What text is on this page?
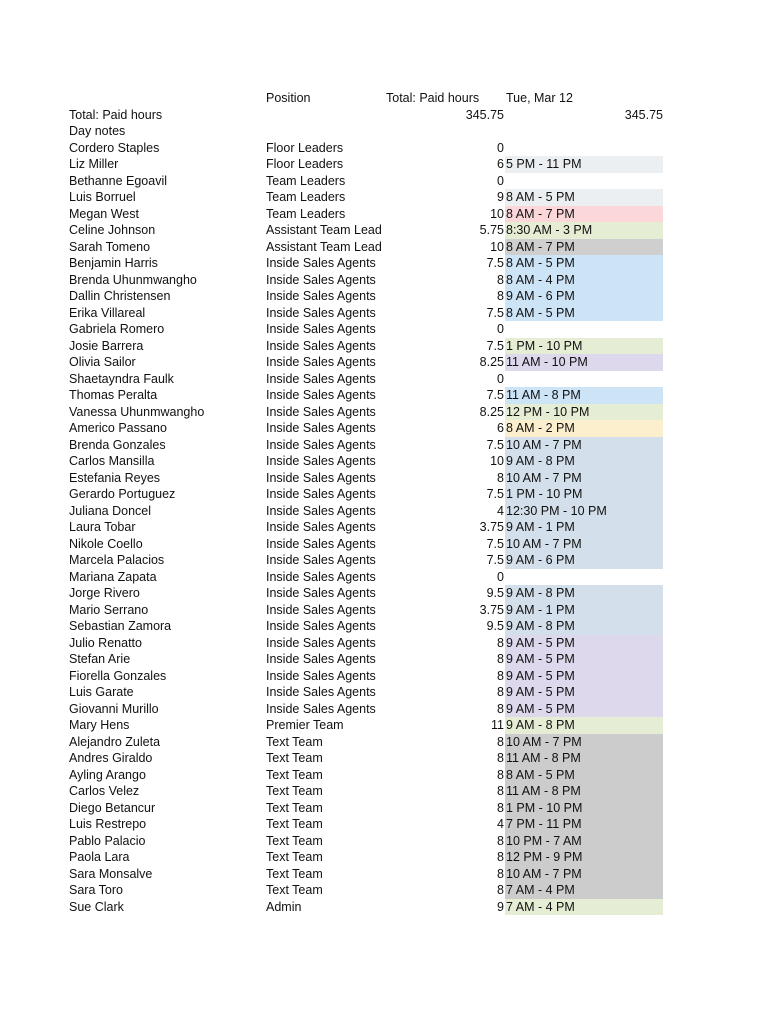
Position	Total: Paid hours Tue, Mar 12
Total: Paid hours	345.75	345.75
Day notes
Cordero Staples	Floor Leaders	0
Liz Miller	Floor Leaders	6 5 PM - 11 PM
Bethanne Egoavil	Team Leaders	0
Luis Borruel	Team Leaders	9 8 AM - 5 PM
Megan West	Team Leaders	10 8 AM - 7 PM
Celine Johnson	Assistant Team Lead	5.75 8:30 AM - 3 PM
Sarah Tomeno	Assistant Team Lead	10 8 AM - 7 PM
Benjamin Harris	Inside Sales Agents	7.5 8 AM - 5 PM
Brenda Uhunmwangho	Inside Sales Agents	8 8 AM - 4 PM
Dallin Christensen	Inside Sales Agents	8 9 AM - 6 PM
Erika Villareal	Inside Sales Agents	7.5 8 AM - 5 PM
Gabriela Romero	Inside Sales Agents	0
Josie Barrera	Inside Sales Agents	7.5 1 PM - 10 PM
Olivia Sailor	Inside Sales Agents	8.25 11 AM - 10 PM
Shaetayndra Faulk	Inside Sales Agents	0
Thomas Peralta	Inside Sales Agents	7.5 11 AM - 8 PM
Vanessa Uhunmwangho	Inside Sales Agents	8.25 12 PM - 10 PM
Americo Passano	Inside Sales Agents	6 8 AM - 2 PM
Brenda Gonzales	Inside Sales Agents	7.5 10 AM - 7 PM
Carlos Mansilla	Inside Sales Agents	10 9 AM - 8 PM
Estefania Reyes	Inside Sales Agents	8 10 AM - 7 PM
Gerardo Portuguez	Inside Sales Agents	7.5 1 PM - 10 PM
Juliana Doncel	Inside Sales Agents	4 12:30 PM - 10 PM
Laura Tobar	Inside Sales Agents	3.75 9 AM - 1 PM
Nikole Coello	Inside Sales Agents	7.5 10 AM - 7 PM
Marcela Palacios	Inside Sales Agents	7.5 9 AM - 6 PM
Mariana Zapata	Inside Sales Agents	0
Jorge Rivero	Inside Sales Agents	9.5 9 AM - 8 PM
Mario Serrano	Inside Sales Agents	3.75 9 AM - 1 PM
Sebastian Zamora	Inside Sales Agents	9.5 9 AM - 8 PM
Julio Renatto	Inside Sales Agents	8 9 AM - 5 PM
Stefan Arie	Inside Sales Agents	8 9 AM - 5 PM
Fiorella Gonzales	Inside Sales Agents	8 9 AM - 5 PM
Luis Garate	Inside Sales Agents	8 9 AM - 5 PM
Giovanni Murillo	Inside Sales Agents	8 9 AM - 5 PM
Mary Hens	Premier Team	11 9 AM - 8 PM
Alejandro Zuleta	Text Team	8 10 AM - 7 PM
Andres Giraldo	Text Team	8 11 AM - 8 PM
Ayling Arango	Text Team	8 8 AM - 5 PM
Carlos Velez	Text Team	8 11 AM - 8 PM
Diego Betancur	Text Team	8 1 PM - 10 PM
Luis Restrepo	Text Team	4 7 PM - 11 PM
Pablo Palacio	Text Team	8 10 PM - 7 AM
Paola Lara	Text Team	8 12 PM - 9 PM
Sara Monsalve	Text Team	8 10 AM - 7 PM
Sara Toro	Text Team	8 7 AM - 4 PM
Sue Clark	Admin	9 7 AM - 4 PM
